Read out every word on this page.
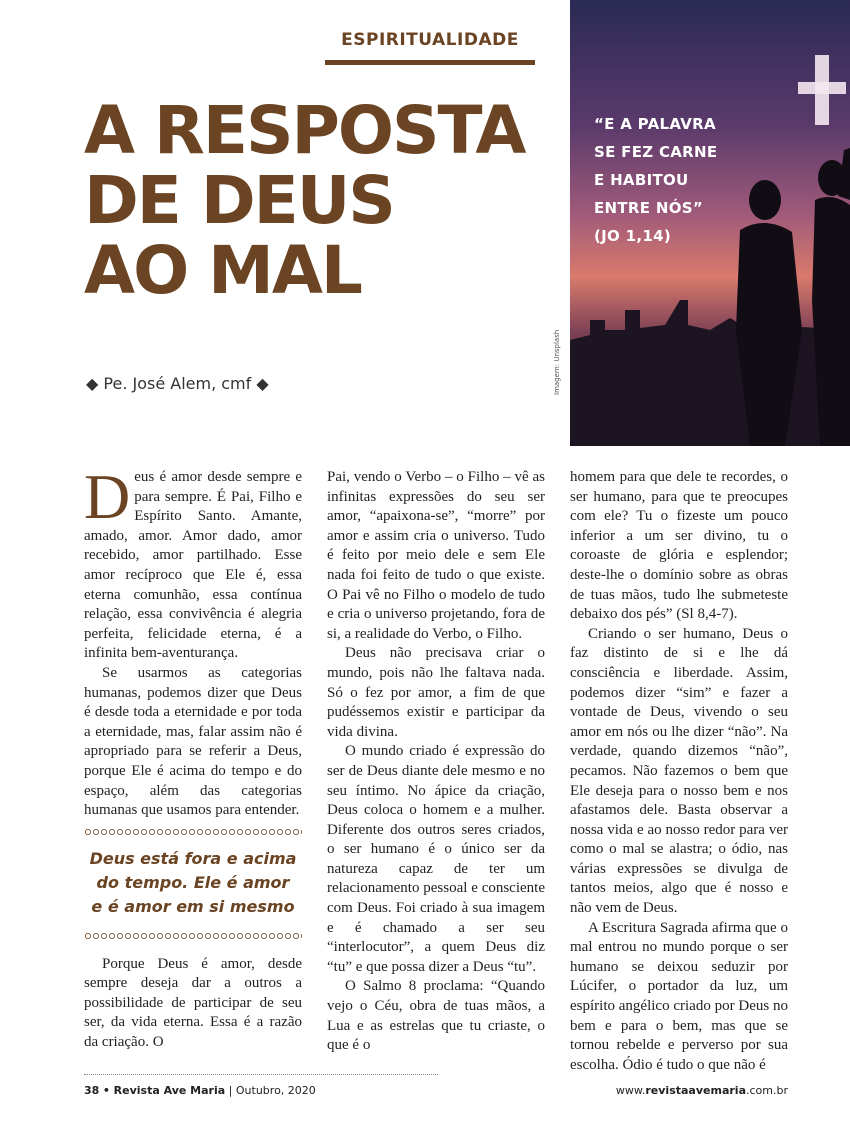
ESPIRITUALIDADE
A RESPOSTA
DE DEUS
AO MAL
◆ Pe. José Alem, cmf ◆
“E A PALAVRA
SE FEZ CARNE
E HABITOU
ENTRE NÓS”
(JO 1,14)
Imagem: Unsplash

Deus é amor desde sempre e para sempre. É Pai, Filho e Espírito Santo. Amante, amado, amor. Amor dado, amor recebido, amor partilhado. Esse amor recíproco que Ele é, essa eterna comunhão, essa contínua relação, essa convivência é alegria perfeita, felicidade eterna, é a infinita bem-aventurança.

Se usarmos as categorias humanas, podemos dizer que Deus é desde toda a eternidade e por toda a eternidade, mas, falar assim não é apropriado para se referir a Deus, porque Ele é acima do tempo e do espaço, além das categorias humanas que usamos para entender.

Deus está fora e acima
do tempo. Ele é amor
e é amor em si mesmo

Porque Deus é amor, desde sempre deseja dar a outros a possibilidade de participar de seu ser, da vida eterna. Essa é a razão da criação. O

Pai, vendo o Verbo – o Filho – vê as infinitas expressões do seu ser amor, “apaixona-se”, “morre” por amor e assim cria o universo. Tudo é feito por meio dele e sem Ele nada foi feito de tudo o que existe. O Pai vê no Filho o modelo de tudo e cria o universo projetando, fora de si, a realidade do Verbo, o Filho.

Deus não precisava criar o mundo, pois não lhe faltava nada. Só o fez por amor, a fim de que pudéssemos existir e participar da vida divina.

O mundo criado é expressão do ser de Deus diante dele mesmo e no seu íntimo. No ápice da criação, Deus coloca o homem e a mulher. Diferente dos outros seres criados, o ser humano é o único ser da natureza capaz de ter um relacionamento pessoal e consciente com Deus. Foi criado à sua imagem e é chamado a ser seu “interlocutor”, a quem Deus diz “tu” e que possa dizer a Deus “tu”.

O Salmo 8 proclama: “Quando vejo o Céu, obra de tuas mãos, a Lua e as estrelas que tu criaste, o que é o

homem para que dele te recordes, o ser humano, para que te preocupes com ele? Tu o fizeste um pouco inferior a um ser divino, tu o coroaste de glória e esplendor; deste-lhe o domínio sobre as obras de tuas mãos, tudo lhe submeteste debaixo dos pés” (Sl 8,4-7).

Criando o ser humano, Deus o faz distinto de si e lhe dá consciência e liberdade. Assim, podemos dizer “sim” e fazer a vontade de Deus, vivendo o seu amor em nós ou lhe dizer “não”. Na verdade, quando dizemos “não”, pecamos. Não fazemos o bem que Ele deseja para o nosso bem e nos afastamos dele. Basta observar a nossa vida e ao nosso redor para ver como o mal se alastra; o ódio, nas várias expressões se divulga de tantos meios, algo que é nosso e não vem de Deus.

A Escritura Sagrada afirma que o mal entrou no mundo porque o ser humano se deixou seduzir por Lúcifer, o portador da luz, um espírito angélico criado por Deus no bem e para o bem, mas que se tornou rebelde e perverso por sua escolha. Ódio é tudo o que não é

38 • Revista Ave Maria | Outubro, 2020	www.revistaavemaria.com.br
